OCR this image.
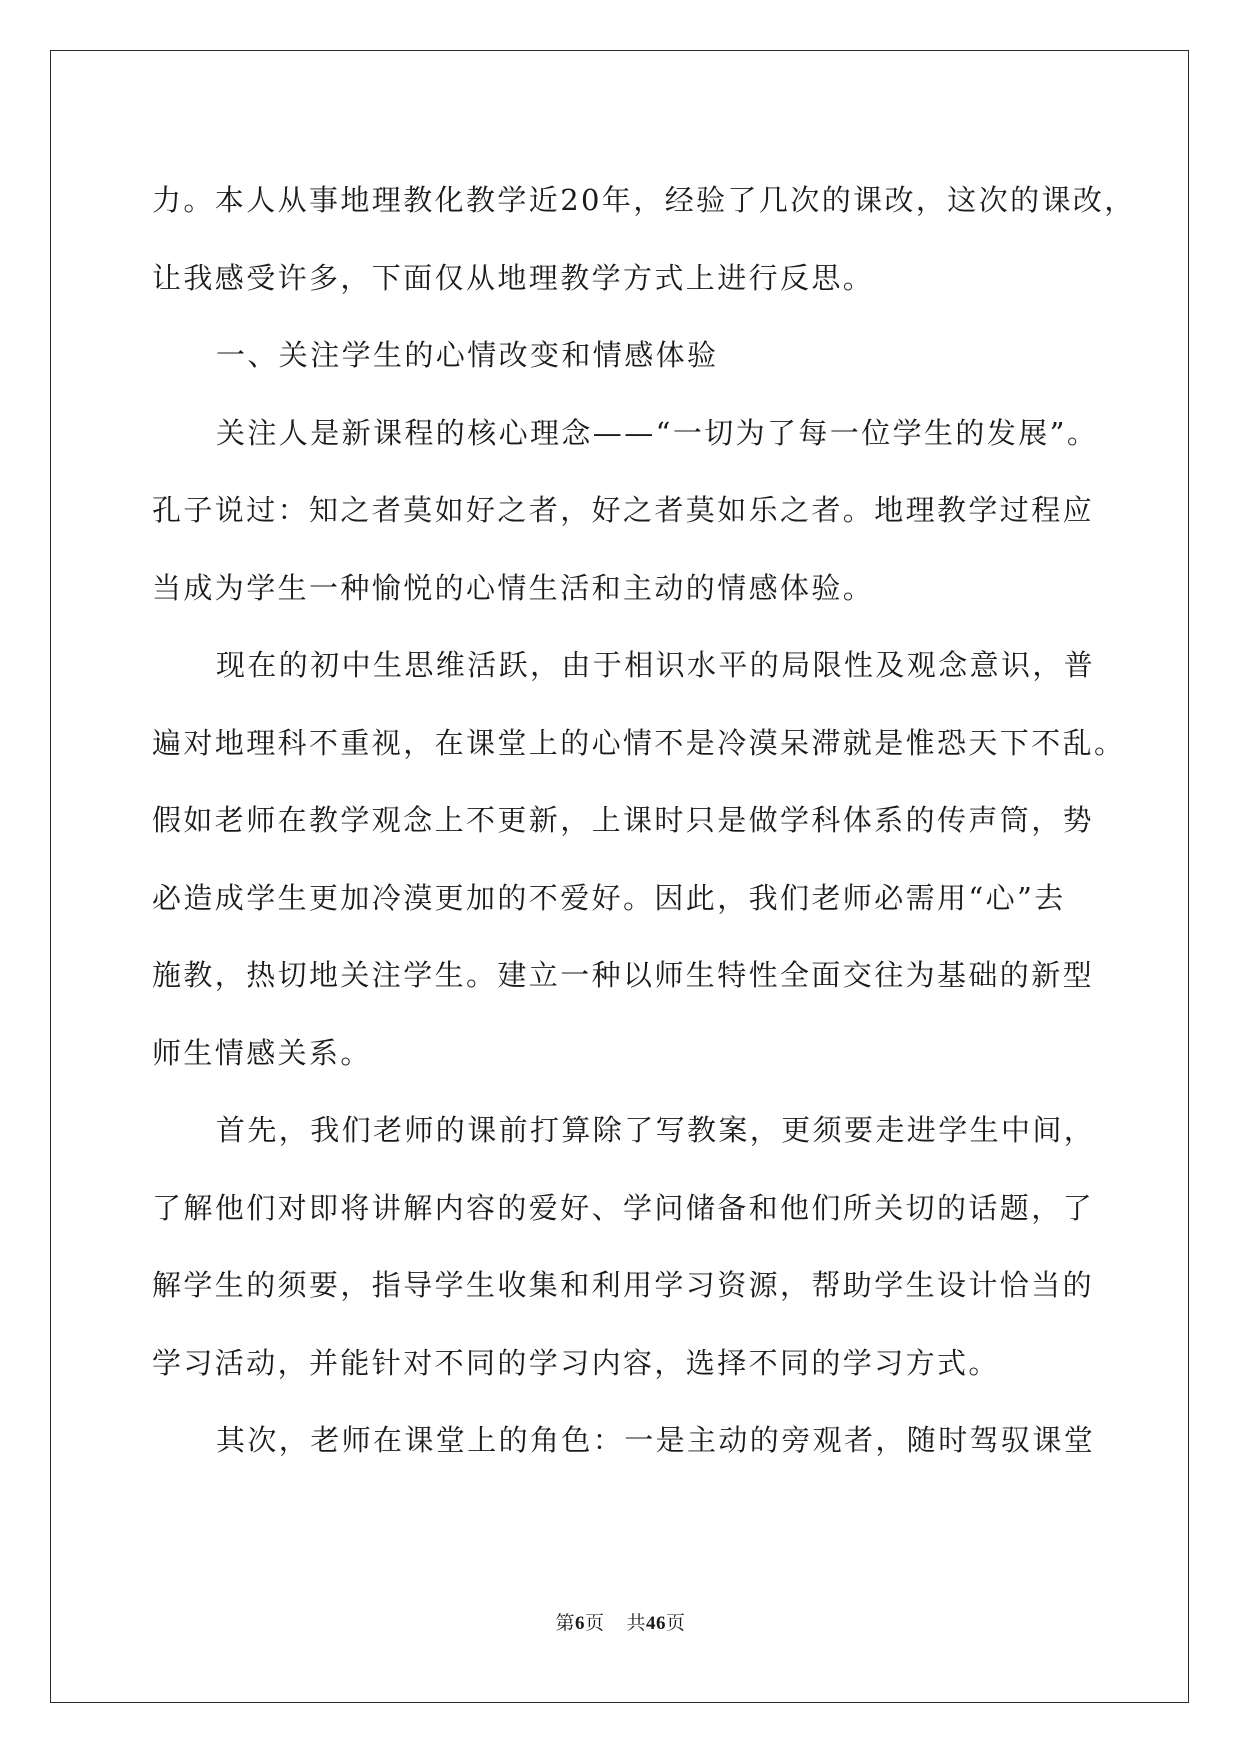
力。本人从事地理教化教学近20年，经验了几次的课改，这次的课改，
让我感受许多，下面仅从地理教学方式上进行反思。
一、关注学生的心情改变和情感体验
关注人是新课程的核心理念——“一切为了每一位学生的发展”。
孔子说过：知之者莫如好之者，好之者莫如乐之者。地理教学过程应
当成为学生一种愉悦的心情生活和主动的情感体验。
现在的初中生思维活跃，由于相识水平的局限性及观念意识，普
遍对地理科不重视，在课堂上的心情不是冷漠呆滞就是惟恐天下不乱。
假如老师在教学观念上不更新，上课时只是做学科体系的传声筒，势
必造成学生更加冷漠更加的不爱好。因此，我们老师必需用“心”去
施教，热切地关注学生。建立一种以师生特性全面交往为基础的新型
师生情感关系。
首先，我们老师的课前打算除了写教案，更须要走进学生中间，
了解他们对即将讲解内容的爱好、学问储备和他们所关切的话题，了
解学生的须要，指导学生收集和利用学习资源，帮助学生设计恰当的
学习活动，并能针对不同的学习内容，选择不同的学习方式。
其次，老师在课堂上的角色：一是主动的旁观者，随时驾驭课堂
第6页 共46页
